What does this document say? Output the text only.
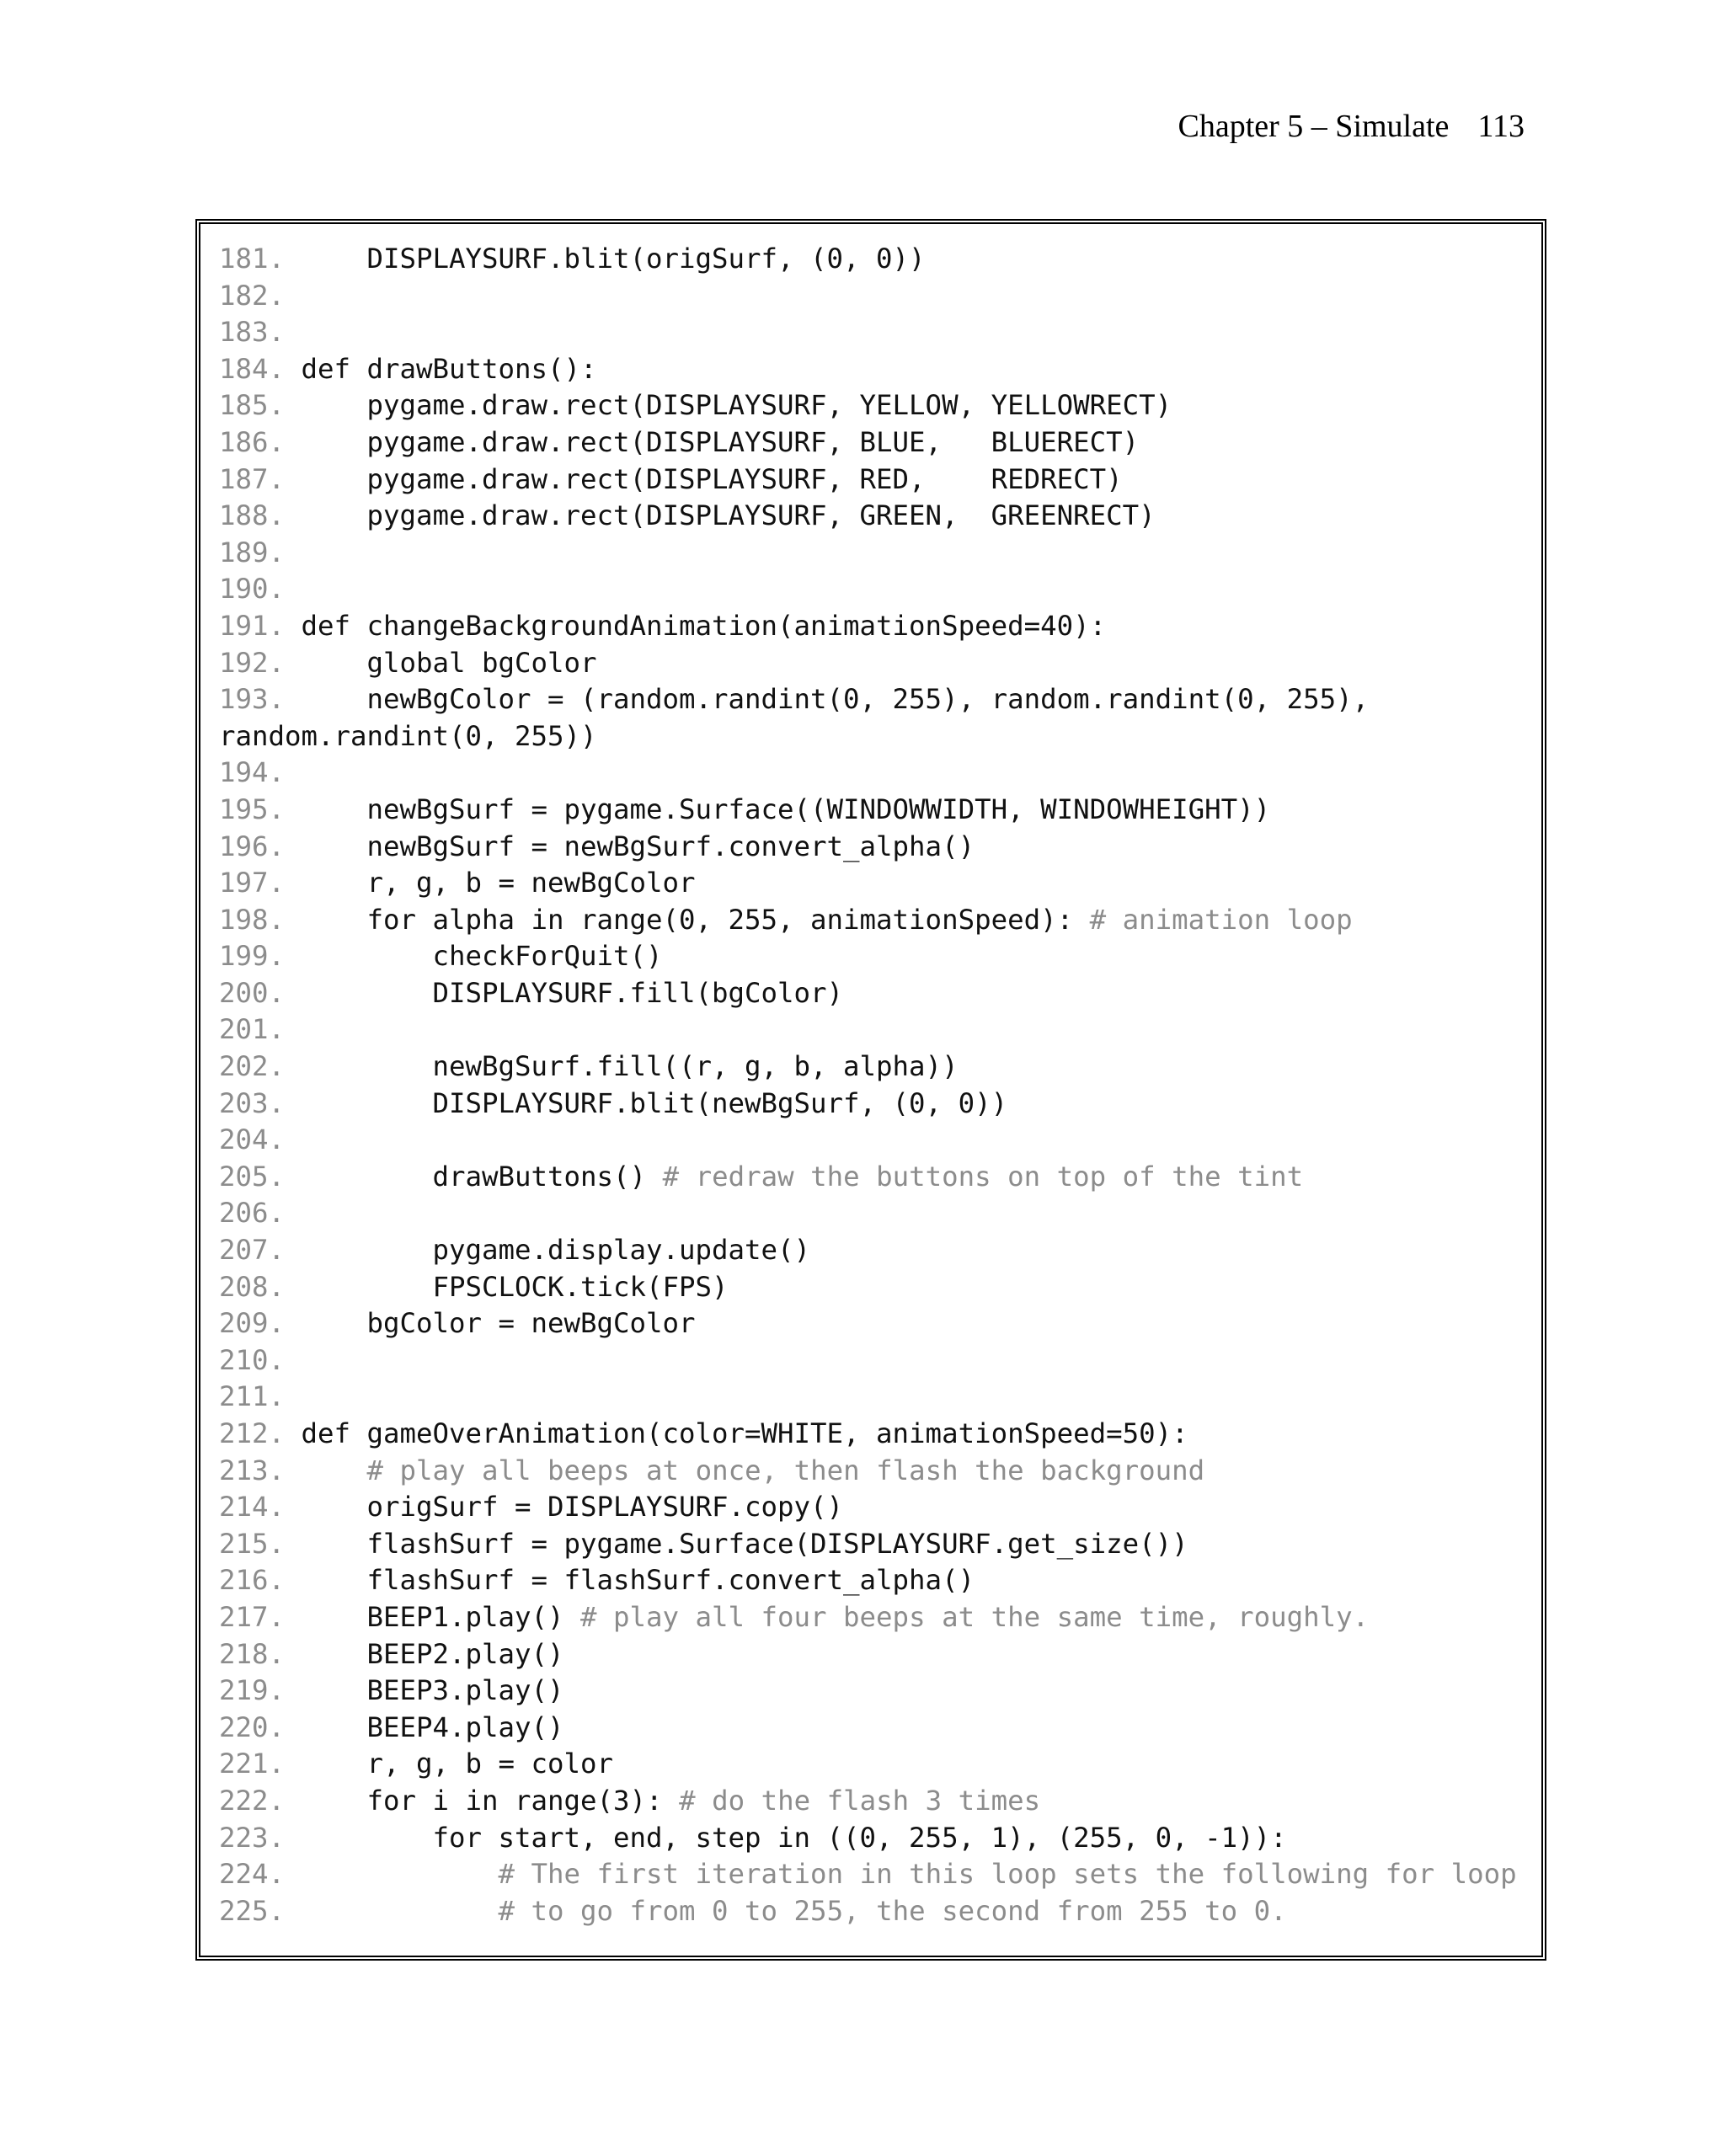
Chapter 5 – Simulate 113
181.     DISPLAYSURF.blit(origSurf, (0, 0))
182.
183.
184. def drawButtons():
185.     pygame.draw.rect(DISPLAYSURF, YELLOW, YELLOWRECT)
186.     pygame.draw.rect(DISPLAYSURF, BLUE,   BLUERECT)
187.     pygame.draw.rect(DISPLAYSURF, RED,    REDRECT)
188.     pygame.draw.rect(DISPLAYSURF, GREEN,  GREENRECT)
189.
190.
191. def changeBackgroundAnimation(animationSpeed=40):
192.     global bgColor
193.     newBgColor = (random.randint(0, 255), random.randint(0, 255),
random.randint(0, 255))
194.
195.     newBgSurf = pygame.Surface((WINDOWWIDTH, WINDOWHEIGHT))
196.     newBgSurf = newBgSurf.convert_alpha()
197.     r, g, b = newBgColor
198.     for alpha in range(0, 255, animationSpeed): # animation loop
199.         checkForQuit()
200.         DISPLAYSURF.fill(bgColor)
201.
202.         newBgSurf.fill((r, g, b, alpha))
203.         DISPLAYSURF.blit(newBgSurf, (0, 0))
204.
205.         drawButtons() # redraw the buttons on top of the tint
206.
207.         pygame.display.update()
208.         FPSCLOCK.tick(FPS)
209.     bgColor = newBgColor
210.
211.
212. def gameOverAnimation(color=WHITE, animationSpeed=50):
213.	# play all beeps at once, then flash the background
214.     origSurf = DISPLAYSURF.copy()
215.     flashSurf = pygame.Surface(DISPLAYSURF.get_size())
216.     flashSurf = flashSurf.convert_alpha()
217.     BEEP1.play() # play all four beeps at the same time, roughly.
218.     BEEP2.play()
219.     BEEP3.play()
220.     BEEP4.play()
221.     r, g, b = color
222.     for i in range(3): # do the flash 3 times
223.         for start, end, step in ((0, 255, 1), (255, 0, -1)):
224.	# The first iteration in this loop sets the following for loop
225.	# to go from 0 to 255, the second from 255 to 0.
